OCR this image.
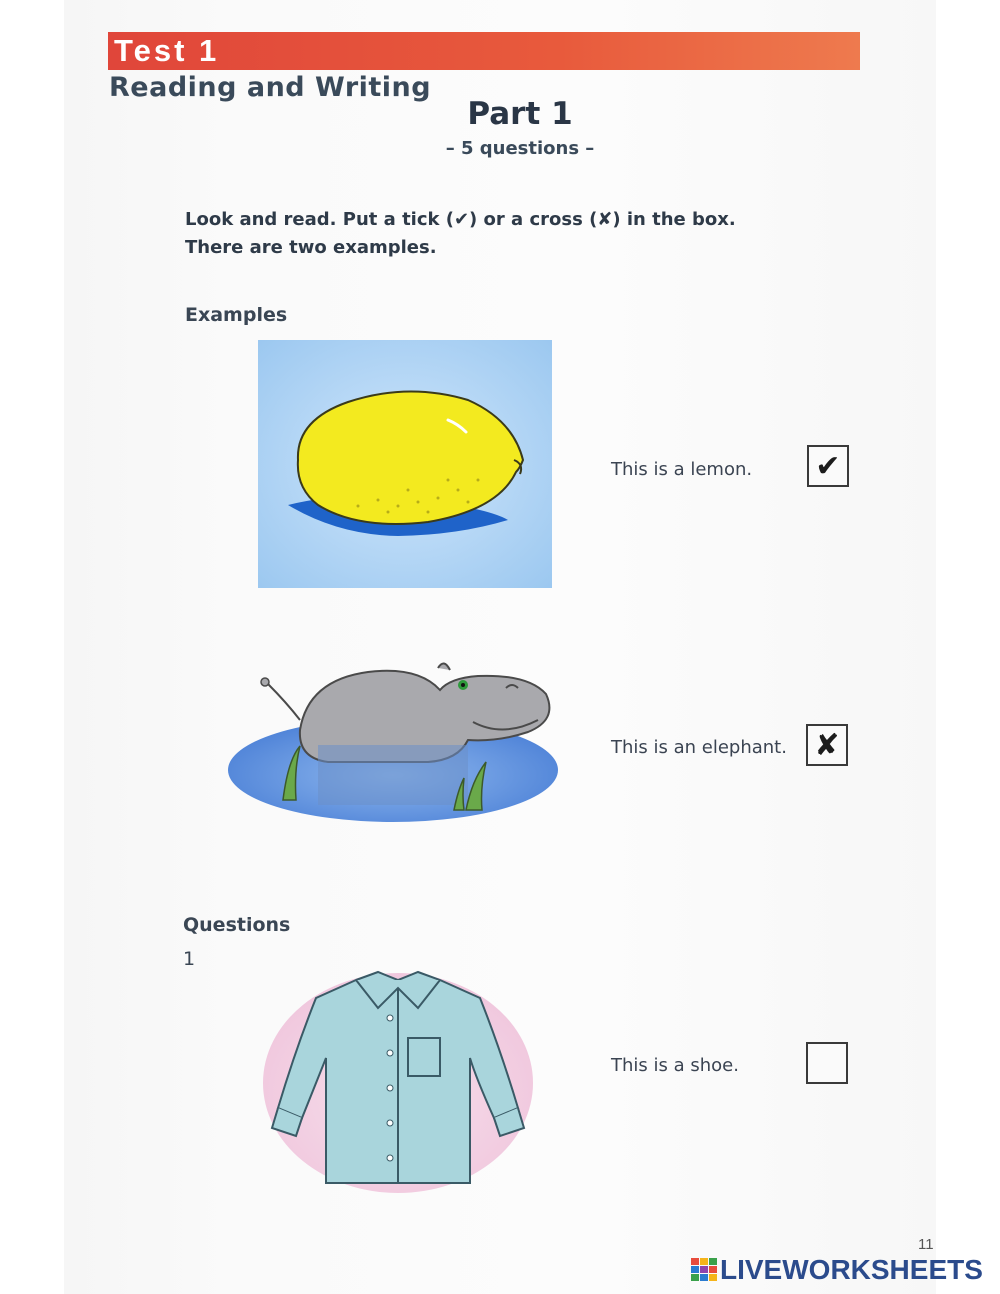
Test 1
Reading and Writing
Part 1
– 5 questions –
Look and read. Put a tick (✔) or a cross (✘) in the box.
There are two examples.
Examples
This is a lemon. ✔
This is an elephant. ✘
Questions
1
This is a shoe.
11
LIVEWORKSHEETS
